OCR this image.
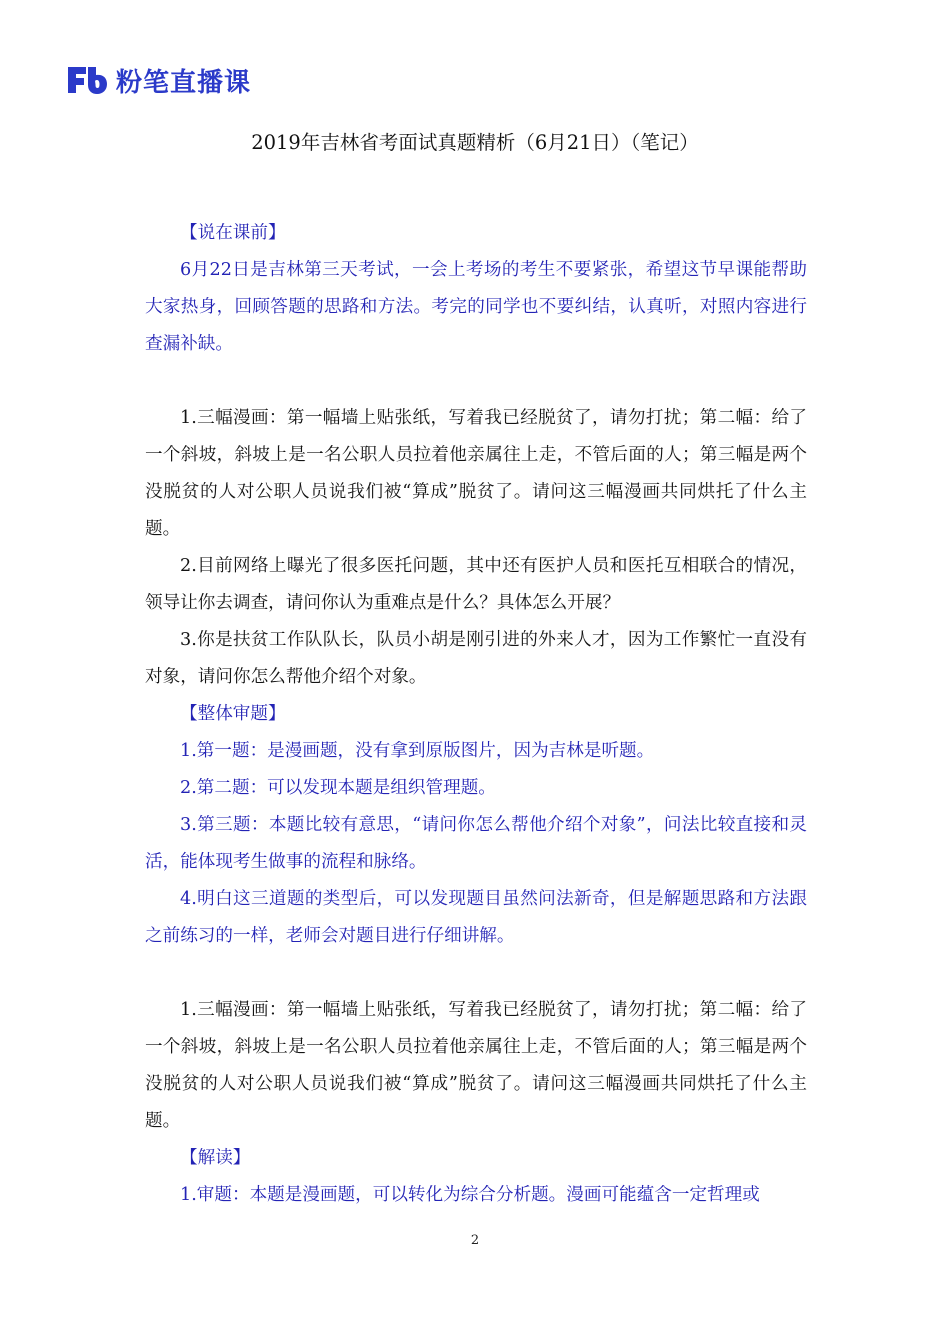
粉笔直播课
2019年吉林省考面试真题精析（6月21日）（笔记）

【说在课前】

6月22日是吉林第三天考试，一会上考场的考生不要紧张，希望这节早课能帮助大家热身，回顾答题的思路和方法。考完的同学也不要纠结，认真听，对照内容进行查漏补缺。

1.三幅漫画：第一幅墙上贴张纸，写着我已经脱贫了，请勿打扰；第二幅：给了一个斜坡，斜坡上是一名公职人员拉着他亲属往上走，不管后面的人；第三幅是两个没脱贫的人对公职人员说我们被“算成”脱贫了。请问这三幅漫画共同烘托了什么主题。

2.目前网络上曝光了很多医托问题，其中还有医护人员和医托互相联合的情况，领导让你去调查，请问你认为重难点是什么？具体怎么开展？

3.你是扶贫工作队队长，队员小胡是刚引进的外来人才，因为工作繁忙一直没有对象，请问你怎么帮他介绍个对象。

【整体审题】

1.第一题：是漫画题，没有拿到原版图片，因为吉林是听题。

2.第二题：可以发现本题是组织管理题。

3.第三题：本题比较有意思，“请问你怎么帮他介绍个对象”，问法比较直接和灵活，能体现考生做事的流程和脉络。

4.明白这三道题的类型后，可以发现题目虽然问法新奇，但是解题思路和方法跟之前练习的一样，老师会对题目进行仔细讲解。

1.三幅漫画：第一幅墙上贴张纸，写着我已经脱贫了，请勿打扰；第二幅：给了一个斜坡，斜坡上是一名公职人员拉着他亲属往上走，不管后面的人；第三幅是两个没脱贫的人对公职人员说我们被“算成”脱贫了。请问这三幅漫画共同烘托了什么主题。

【解读】

1.审题：本题是漫画题，可以转化为综合分析题。漫画可能蕴含一定哲理或

2
